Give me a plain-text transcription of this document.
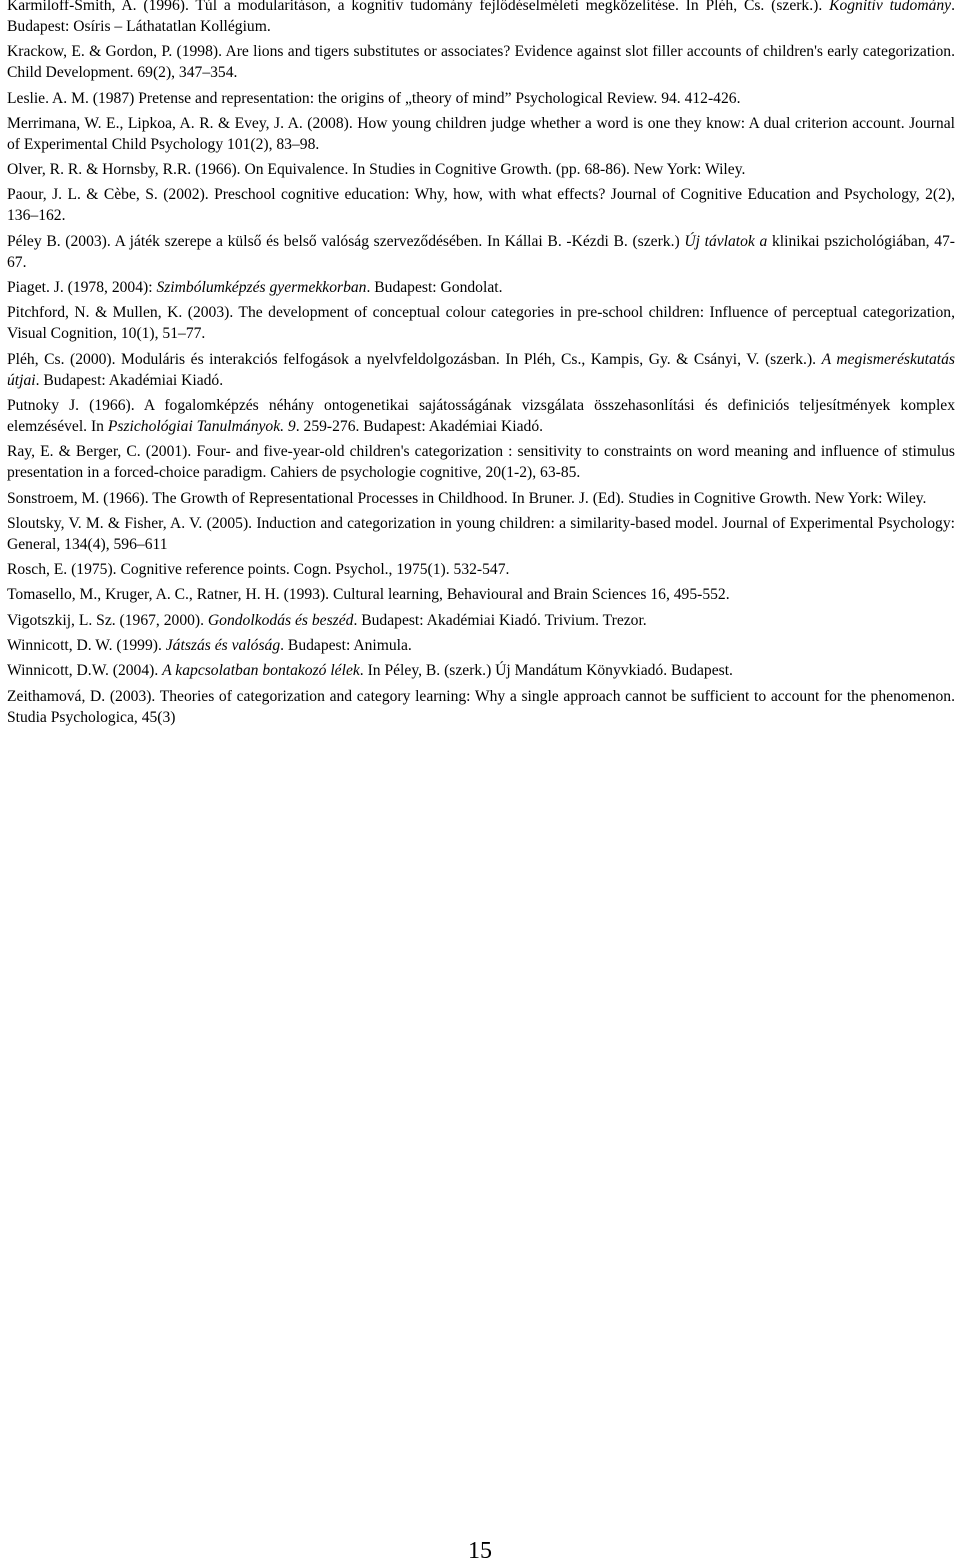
Karmiloff-Smith, A. (1996). Túl a modularitáson, a kognitív tudomány fejlődéselméleti megközelítése. In Pléh, Cs. (szerk.). Kognitív tudomány. Budapest: Osíris – Láthatatlan Kollégium.

Krackow, E. & Gordon, P. (1998). Are lions and tigers substitutes or associates? Evidence against slot filler accounts of children's early categorization. Child Development. 69(2), 347–354.

Leslie. A. M. (1987) Pretense and representation: the origins of „theory of mind” Psychological Review. 94. 412-426.

Merrimana, W. E., Lipkoa, A. R. & Evey, J. A. (2008). How young children judge whether a word is one they know: A dual criterion account. Journal of Experimental Child Psychology 101(2), 83–98.

Olver, R. R. & Hornsby, R.R. (1966). On Equivalence. In Studies in Cognitive Growth. (pp. 68-86). New York: Wiley.

Paour, J. L. & Cèbe, S. (2002). Preschool cognitive education: Why, how, with what effects? Journal of Cognitive Education and Psychology, 2(2), 136–162.

Péley B. (2003). A játék szerepe a külső és belső valóság szerveződésében. In Kállai B. -Kézdi B. (szerk.) Új távlatok a klinikai pszichológiában, 47-67.

Piaget. J. (1978, 2004): Szimbólumképzés gyermekkorban. Budapest: Gondolat.

Pitchford, N. & Mullen, K. (2003). The development of conceptual colour categories in pre-school children: Influence of perceptual categorization, Visual Cognition, 10(1), 51–77.

Pléh, Cs. (2000). Moduláris és interakciós felfogások a nyelvfeldolgozásban. In Pléh, Cs., Kampis, Gy. & Csányi, V. (szerk.). A megismeréskutatás útjai. Budapest: Akadémiai Kiadó.

Putnoky J. (1966). A fogalomképzés néhány ontogenetikai sajátosságának vizsgálata összehasonlítási és definiciós teljesítmények komplex elemzésével. In Pszichológiai Tanulmányok. 9. 259-276. Budapest: Akadémiai Kiadó.

Ray, E. & Berger, C. (2001). Four- and five-year-old children's categorization : sensitivity to constraints on word meaning and influence of stimulus presentation in a forced-choice paradigm. Cahiers de psychologie cognitive, 20(1-2), 63-85.

Sonstroem, M. (1966). The Growth of Representational Processes in Childhood. In Bruner. J. (Ed). Studies in Cognitive Growth. New York: Wiley.

Sloutsky, V. M. & Fisher, A. V. (2005). Induction and categorization in young children: a similarity-based model. Journal of Experimental Psychology: General, 134(4), 596–611

Rosch, E. (1975). Cognitive reference points. Cogn. Psychol., 1975(1). 532-547.

Tomasello, M., Kruger, A. C., Ratner, H. H. (1993). Cultural learning, Behavioural and Brain Sciences 16, 495-552.

Vigotszkij, L. Sz. (1967, 2000). Gondolkodás és beszéd. Budapest: Akadémiai Kiadó. Trivium. Trezor.

Winnicott, D. W. (1999). Játszás és valóság. Budapest: Animula.

Winnicott, D.W. (2004). A kapcsolatban bontakozó lélek. In Péley, B. (szerk.) Új Mandátum Könyvkiadó. Budapest.

Zeithamová, D. (2003). Theories of categorization and category learning: Why a single approach cannot be sufficient to account for the phenomenon. Studia Psychologica, 45(3)

15
